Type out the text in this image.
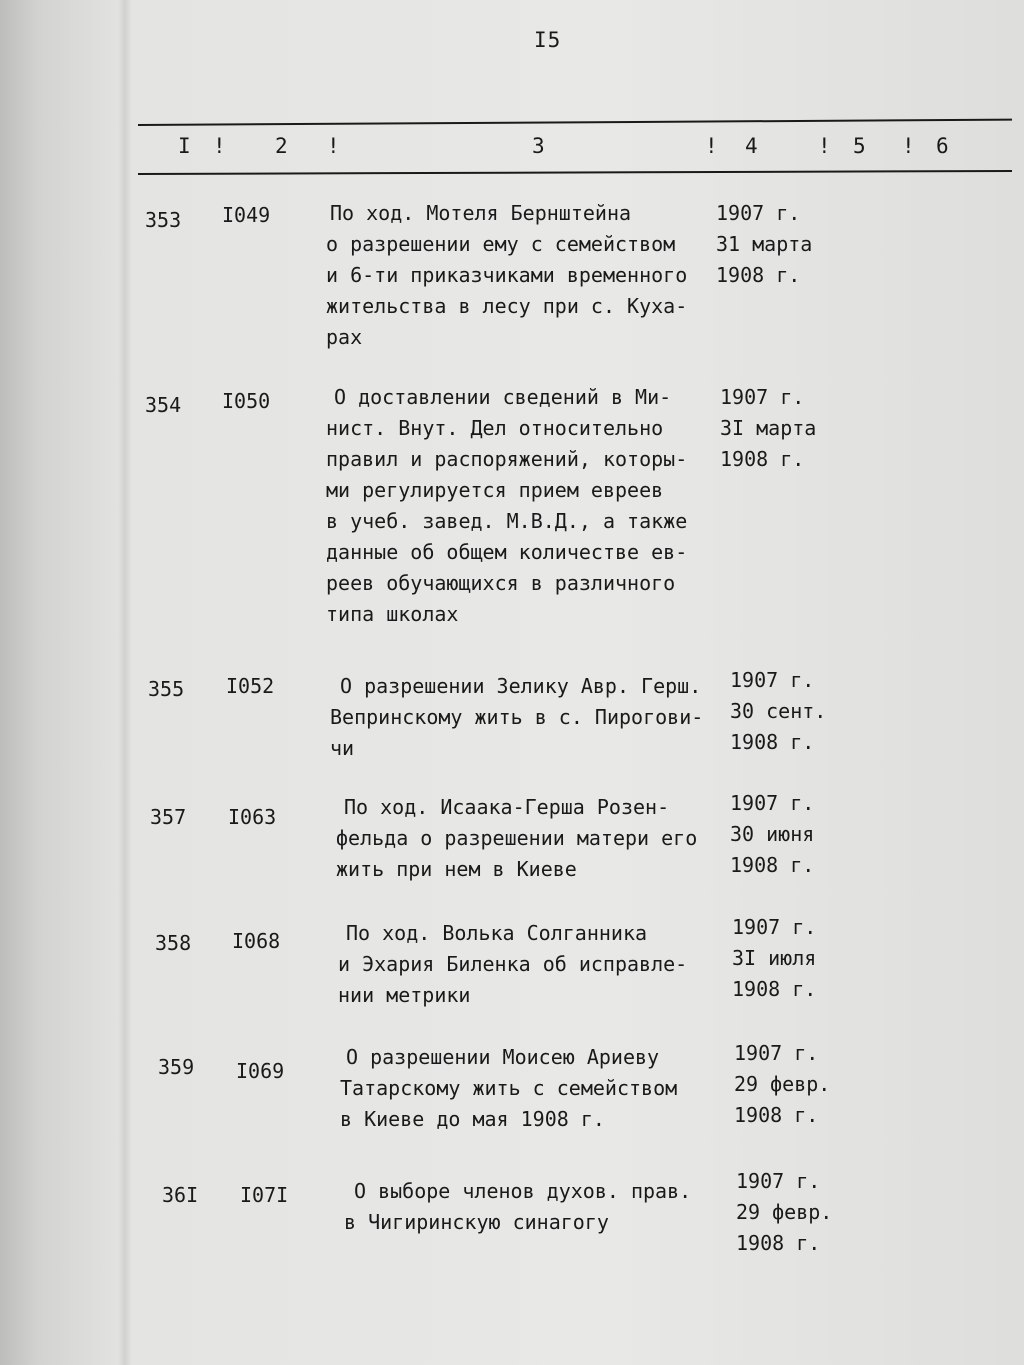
I5
I ! 2 !	3	! 4	! 5 ! 6
353 I049	По ход. Мотеля Бернштейна
о разрешении ему с семейством
и 6-ти приказчиками временного
жительства в лесу при с. Куха-
рах
1907 г.
31 марта
1908 г.
354 I050	О доставлении сведений в Ми-
нист. Внут. Дел относительно
правил и распоряжений, которы-
ми регулируется прием евреев
в учеб. завед. М.В.Д., а также
данные об общем количестве ев-
реев обучающихся в различного
типа школах
1907 г.
3I марта
1908 г.
355 I052	О разрешении Зелику Авр. Герш.
Вепринскому жить в с. Пирогови-
чи
1907 г.
30 сент.
1908 г.
357 I063	По ход. Исаака-Герша Розен-
фельда о разрешении матери его
жить при нем в Киеве
1907 г.
30 июня
1908 г.
358 I068	По ход. Волька Солганника
и Эхария Биленка об исправле-
нии метрики
1907 г.
3I июля
1908 г.
359 I069
О разрешении Моисею Ариеву
Татарскому жить с семейством
в Киеве до мая 1908 г.
1907 г.
29 февр.
1908 г.
36I I07I	О выборе членов духов. прав.
в Чигиринскую синагогу
1907 г.
29 февр.
1908 г.
